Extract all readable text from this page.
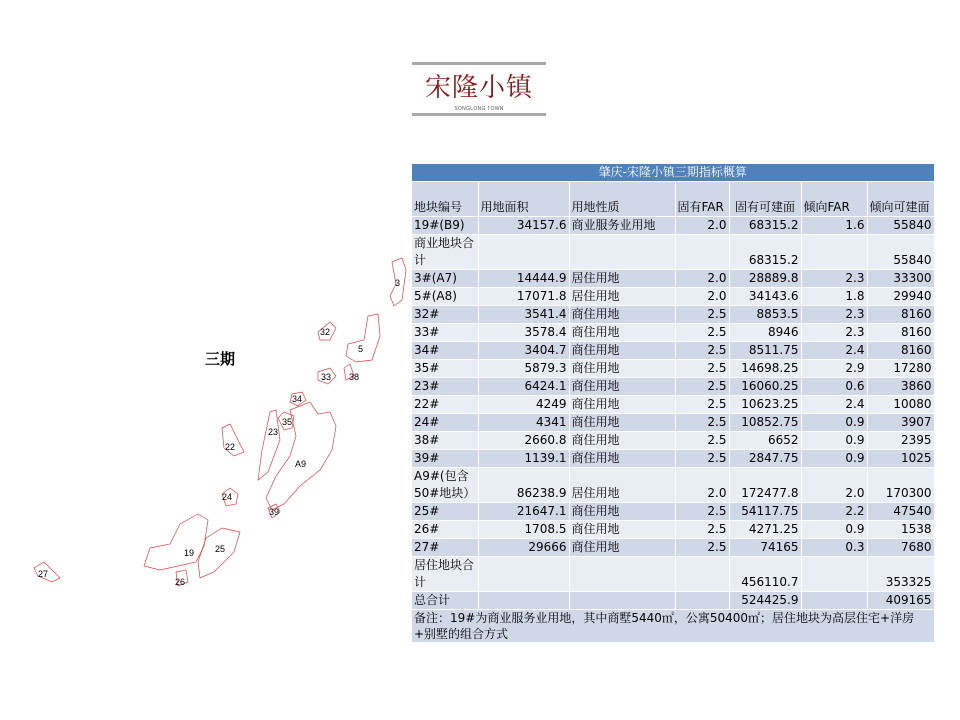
宋隆小镇
SONGLONG TOWN
3
32
5
33 38
34
35
23
22
A9
24
39
25
19
26
27
三期
肇庆-宋隆小镇三期指标概算						
地块编号	用地面积	用地性质	固有FAR	固有可建面	倾向FAR	倾向可建面
19#(B9)	34157.6	商业服务业用地	2.0	68315.2	1.6	55840
商业地块合计				68315.2		55840
3#(A7)	14444.9	居住用地	2.0	28889.8	2.3	33300
5#(A8)	17071.8	居住用地	2.0	34143.6	1.8	29940
32#	3541.4	商住用地	2.5	8853.5	2.3	8160
33#	3578.4	商住用地	2.5	8946	2.3	8160
34#	3404.7	商住用地	2.5	8511.75	2.4	8160
35#	5879.3	商住用地	2.5	14698.25	2.9	17280
23#	6424.1	商住用地	2.5	16060.25	0.6	3860
22#	4249	商住用地	2.5	10623.25	2.4	10080
24#	4341	商住用地	2.5	10852.75	0.9	3907
38#	2660.8	商住用地	2.5	6652	0.9	2395
39#	1139.1	商住用地	2.5	2847.75	0.9	1025
A9#(包含50#地块）	86238.9	居住用地	2.0	172477.8	2.0	170300
25#	21647.1	商住用地	2.5	54117.75	2.2	47540
26#	1708.5	商住用地	2.5	4271.25	0.9	1538
27#	29666	商住用地	2.5	74165	0.3	7680
居住地块合计				456110.7		353325
总合计				524425.9		409165
备注：19#为商业服务业用地，其中商墅5440㎡，公寓50400㎡；居住地块为高层住宅+洋房+别墅的组合方式						
